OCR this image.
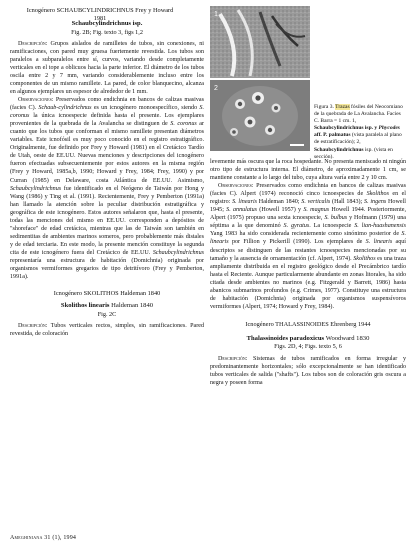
Icnogénero SCHAUBCYLINDRICHNUS Frey y Howard
1981
Schaubcylindrichnus isp.
Fig. 2B; Fig. texto 3, figs 1,2

Descripción: Grupos aislados de ramilletes de tubos, sin conexiones, ni ramificaciones, con pared muy gruesa fuertemente revestida. Los tubos son paralelos a subparalelos entre sí, curvos, variando desde completamente verticales en el tope a oblicuos hacia la parte inferior. El diámetro de los tubos oscila entre 2 y 7 mm, variando considerablemente incluso entre los componentes de un mismo ramillete. La pared, de color blanquecino, alcanza en algunos ejemplares un espesor de alrededor de 1 mm.

Observaciones: Preservados como endichnia en bancos de calizas masivas (facies C). Schaub-cylindrichnus es un icnogénero monoespecífico, siendo S. coronus la única icnoespecie definida hasta el presente. Los ejemplares provenientes de la quebrada de la Avalancha se distinguen de S. coronus ar cuanto que los tubos que conforman el mismo ramillete presentan diámetros variables. Este icnofósil es muy poco conocido en el registro estratigráfico. Originalmente, fue definido por Frey y Howard (1981) en el Cretácico Tardío de Utah, oeste de EE.UU. Nuevas menciones y descripciones del icnogénero fueron efectuadas subsecuentemente por estos autores en la misma región (Frey y Howard, 1985a,b, 1990; Howard y Frey, 1984; Frey, 1990) y por Curran (1985) en Delaware, costa Atlántica de EE.UU. Asimismo, Schaubcylindrichnus fue identificado en el Neógeno de Taiwán por Hong y Wang (1986) y Ting et al. (1991). Recientemente, Frey y Pemberton (1991a) han llamado la atención sobre la peculiar distribución estratigráfica y geográfica de este icnogénero. Estos autores señalaron que, hasta el presente, todas las menciones del mismo en EE.UU. corresponden a depósitos de "shoreface" de edad cretácica, mientras que las de Taiwán son también en sedimentitas de ambientes marinos someros, pero probablemente más distales y de edad terciaria. En este modo, la presente mención constituye la segunda cita de este icnogénero fuera del Cretácico de EE.UU. Schaubcylindrichnus representaría una estructura de habitación (Domichnia) originada por organismos vermiformes gregarios de tipo detritívoro (Frey y Pemberton, 1991a).

Icnogénero SKOLITHOS Haldeman 1840
Skolithos linearis Haldeman 1840
Fig. 2C

Descripción: Tubos verticales rectos, simples, sin ramificaciones. Pared revestida, de coloración

1
2

Figura 3. Trazas fósiles del Neocomiano de la quebrada de La Avalancha. Facies C. Barra = 1 cm. 1, Schaubcylindrichnus isp. y Phycodes aff. P. palmatus (vista paralela al plano de estratificación); 2, Schaubcylindrichnus isp. (vista en sección).

levemente más oscura que la roca hospedante. No presenta meniscado ni ningún otro tipo de estructura interna. El diámetro, de aproximadamente 1 cm, se mantiene constante a lo largo del tubo, cuya altura varía entre 2 y 10 cm.

Observaciones: Preservados como endichnia en bancos de calizas masivas (facies C). Alpert (1974) reconoció cinco icnoespecies de Skolithos en el registro: S. linearis Haldeman 1840; S. verticalis (Hall 1843); S. ingens Howell 1945; S. annulatus (Howell 1957) y S. magnus Howell 1944. Posteriormente, Alpert (1975) propuso una sexta icnoespecie, S. bulbus y Hofmann (1979) una séptima a la que denominó S. gyratus. La icnoespecie S. lian-huashanensis Yang 1983 ha sido considerada recientemente como sinónimo posterior de S. linearis por Fillion y Pickerill (1990). Los ejemplares de S. linearis aquí descriptos se distinguen de las restantes icnoespecies mencionadas por su tamaño y la ausencia de ornamentación (cf. Alpert, 1974). Skolithos es una traza ampliamente distribuida en el registro geológico desde el Precámbrico tardío hasta el Reciente. Aunque particularmente abundante en zonas litorales, ha sido citada desde ambientes no marinos (e.g. Fitzgerald y Barrett, 1986) hasta abanicos submarinos profundos (e.g. Crimes, 1977). Constituye una estructura de habitación (Domichnia) originada por organismos suspensívoros vermiformes (Alpert, 1974; Howard y Frey, 1984).

Icnogénero THALASSINOIDES Ehrenberg 1944
Thalassinoides paradoxicus Woodward 1830
Figs. 2D, 4; Figs. texto 5, 6

Descripción: Sistemas de tubos ramificados en forma irregular y predominantemente horizontales; sólo excepcionalmente se han identificado tubos verticales de salida ("shafts"). Los tubos son de coloración gris oscura a negra y poseen forma

Ameghiniana 31 (1), 1994
